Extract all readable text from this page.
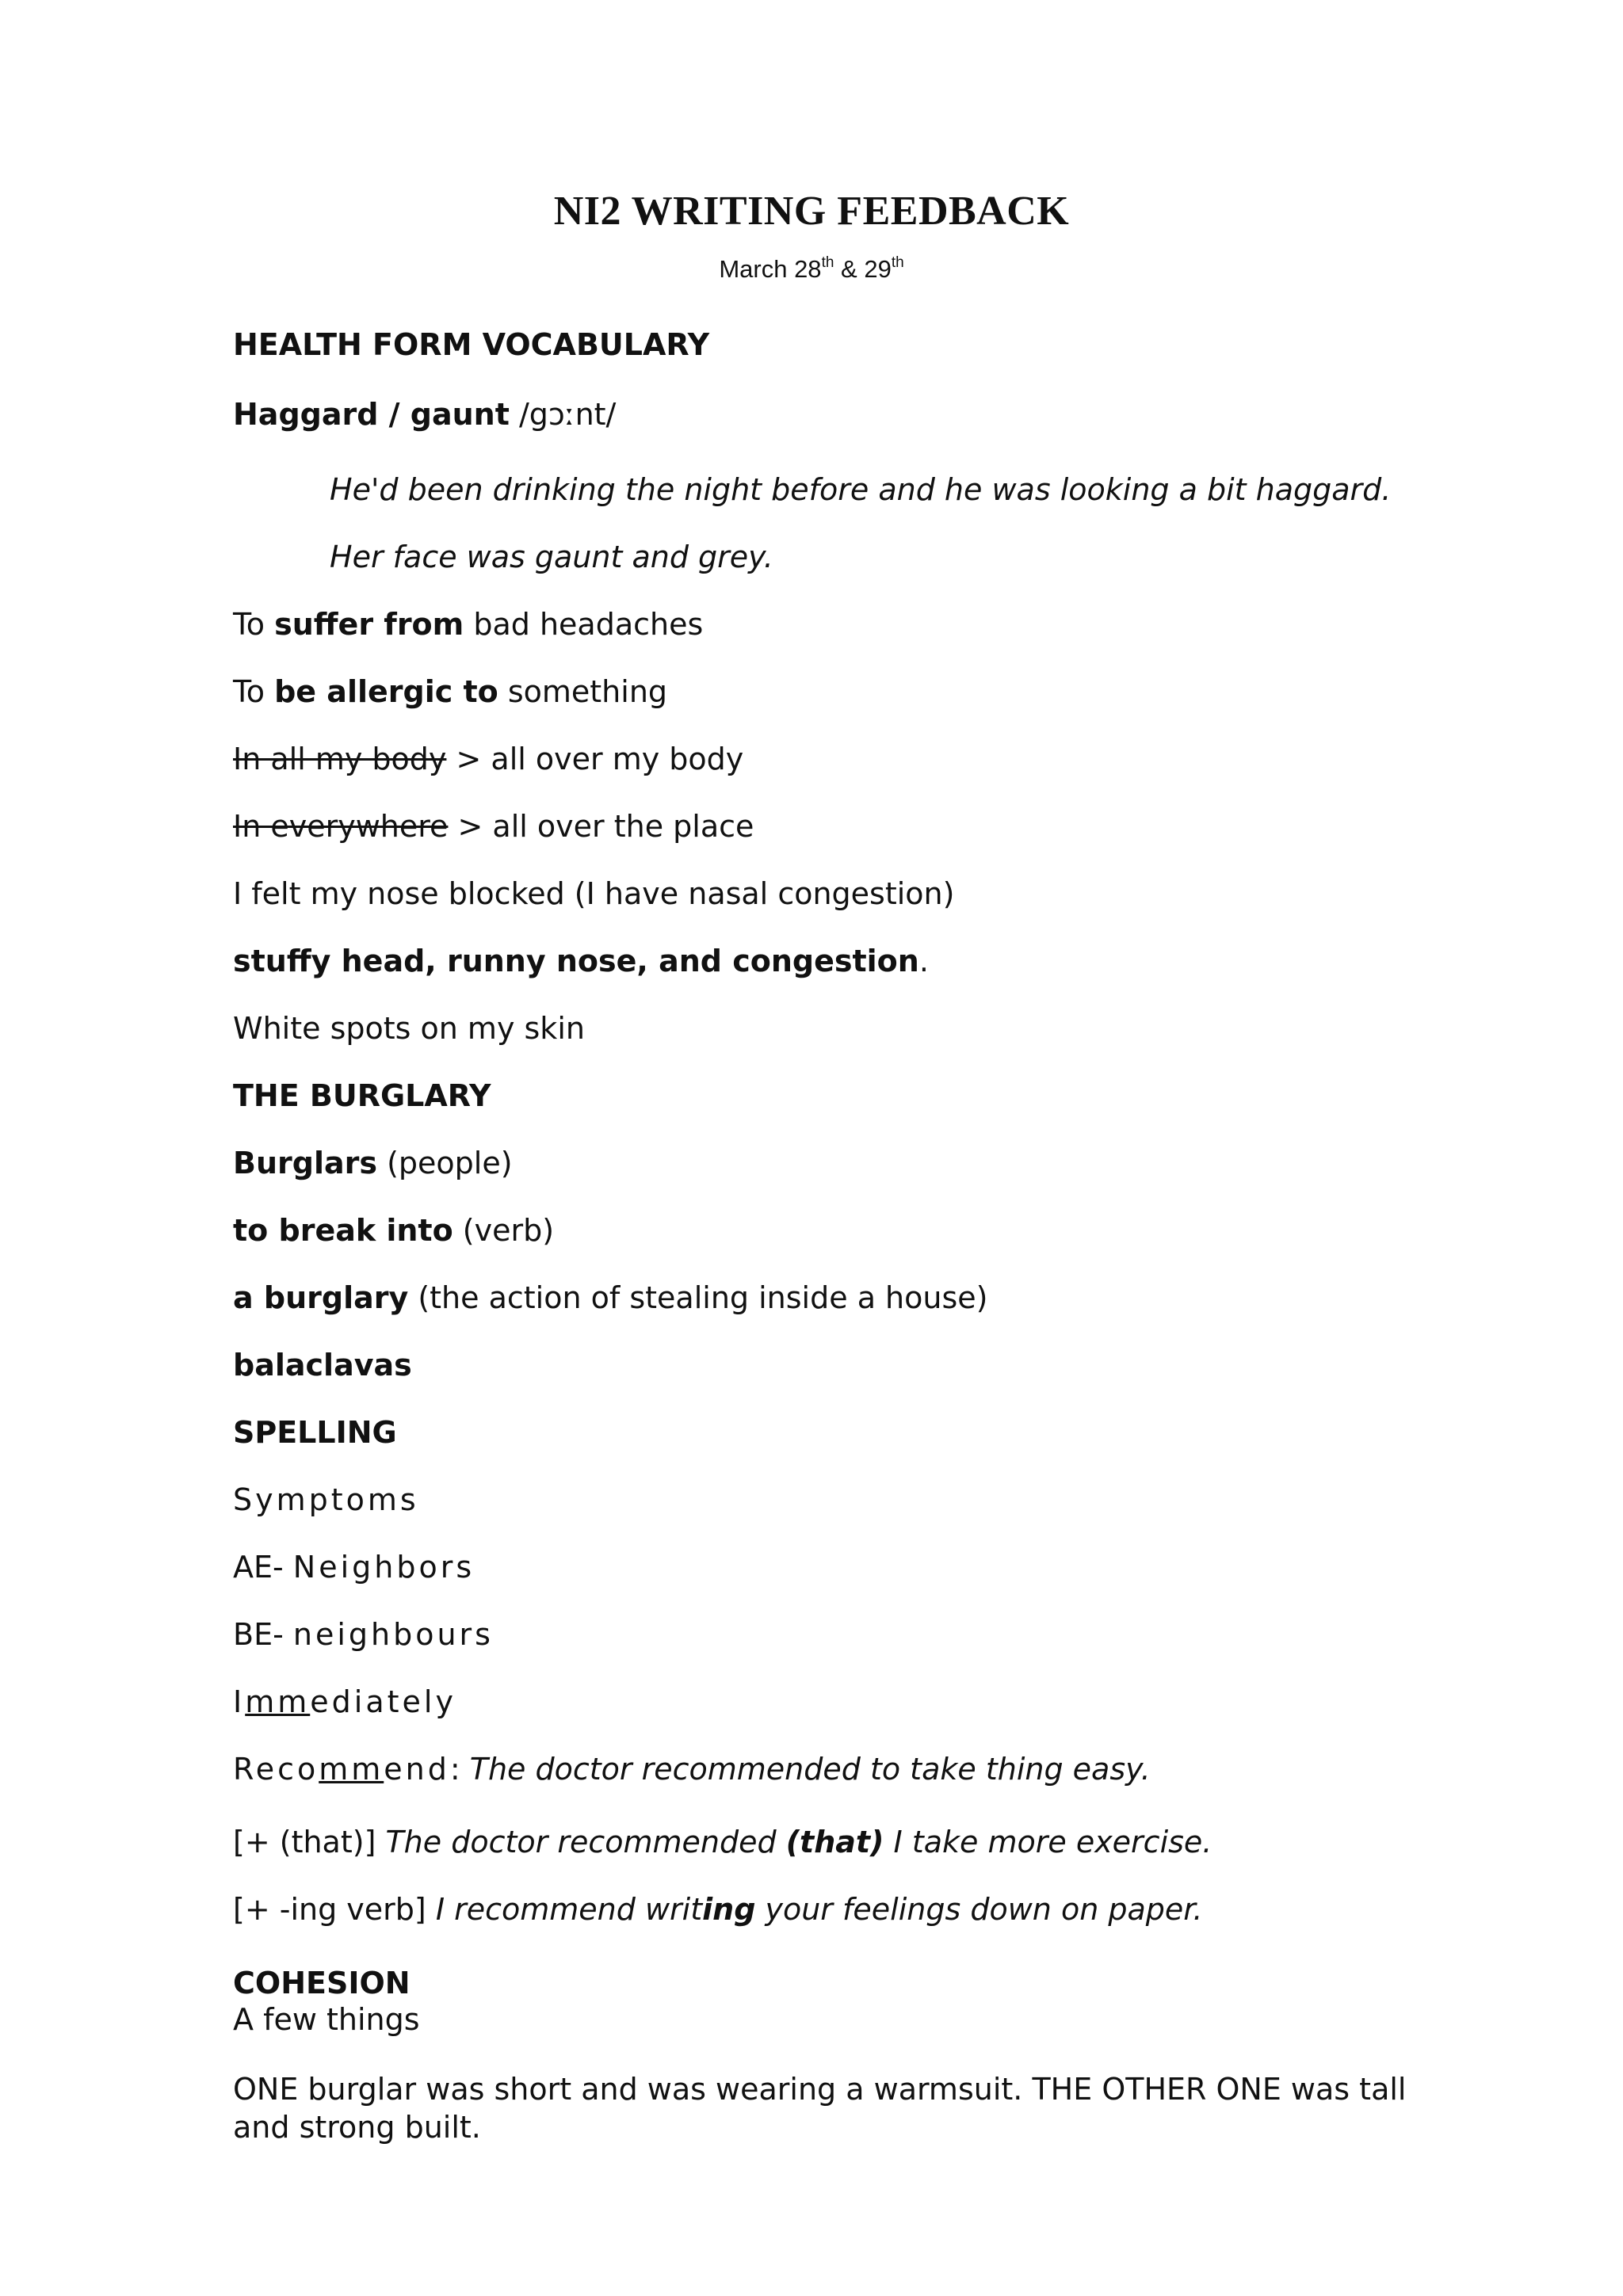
NI2 WRITING FEEDBACK
March 28th & 29th
HEALTH FORM VOCABULARY
Haggard / gaunt /gɔːnt/
He'd been drinking the night before and he was looking a bit haggard.
Her face was gaunt and grey.
To suffer from bad headaches
To be allergic to something
In all my body > all over my body
In everywhere > all over the place
I felt my nose blocked (I have nasal congestion)
stuffy head, runny nose, and congestion.
White spots on my skin
THE BURGLARY
Burglars (people)
to break into (verb)
a burglary (the action of stealing inside a house)
balaclavas
SPELLING
Symptoms
AE- Neighbors
BE- neighbours
Immediately
Recommend: The doctor recommended to take thing easy.
[+ (that)] The doctor recommended (that) I take more exercise.
[+ -ing verb] I recommend writing your feelings down on paper.
COHESION
A few things
ONE burglar was short and was wearing a warmsuit. THE OTHER ONE was tall and strong built.
